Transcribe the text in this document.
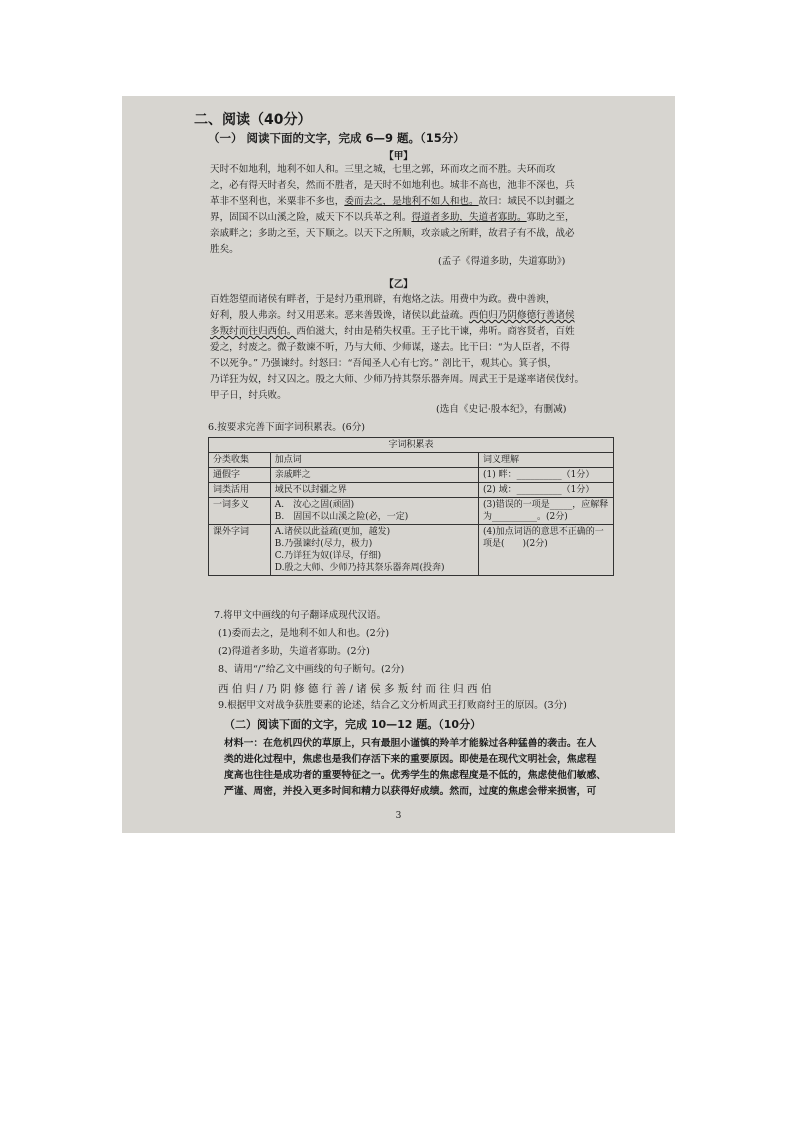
二、阅读（40分）
（一） 阅读下面的文字，完成 6—9 题。（15分）
【甲】
天时不如地利，地利不如人和。三里之城，七里之郭，环而攻之而不胜。夫环而攻
之，必有得天时者矣，然而不胜者，是天时不如地利也。城非不高也，池非不深也，兵
革非不坚利也，米粟非不多也，委而去之，是地利不如人和也。故曰：域民不以封疆之
界，固国不以山溪之险，威天下不以兵革之利。得道者多助，失道者寡助。寡助之至，
亲戚畔之；多助之至，天下顺之。以天下之所顺，攻亲戚之所畔，故君子有不战，战必
胜矣。
(孟子《得道多助，失道寡助》)
【乙】
百姓怨望而诸侯有畔者，于是纣乃重刑辟，有炮烙之法。用费中为政。费中善谀，
好利，殷人弗亲。纣又用恶来。恶来善毁谗，诸侯以此益疏。西伯归乃阴修德行善诸侯
多叛纣而往归西伯。西伯滋大，纣由是稍失权重。王子比干谏，弗听。商容贤者，百姓
爱之，纣废之。微子数谏不听，乃与大师、少师谋，遂去。比干曰：“为人臣者，不得
不以死争。” 乃强谏纣。纣怒曰：“吾闻圣人心有七窍。” 剖比干，观其心。箕子惧，
乃详狂为奴，纣又囚之。殷之大师、少师乃持其祭乐器奔周。周武王于是遂率诸侯伐纣。
甲子日，纣兵败。
(选自《史记·殷本纪》，有删减)
6.按要求完善下面字词积累表。(6分)
字词积累表		
分类收集	加点词	词义理解
通假字	亲戚畔之	(1) 畔：__________（1分）
词类活用	域民不以封疆之界	(2) 域：__________（1分）
一词多义	A.　汝心之固(顽固)
B.　固国不以山溪之险(必，一定)	(3)错误的一项是_____，应解释为__________。(2分)
课外字词	A.诸侯以此益疏(更加，越发)
B.乃强谏纣(尽力，极力)
C.乃详狂为奴(详尽，仔细)
D.殷之大师、少师乃持其祭乐器奔周(投奔)	(4)加点词语的意思不正确的一项是(　　)(2分)
7.将甲文中画线的句子翻译成现代汉语。
(1)委而去之，是地利不如人和也。(2分)
(2)得道者多助，失道者寡助。(2分)
8、请用“/”给乙文中画线的句子断句。(2分)
西 伯 归 / 乃 阴 修 德 行 善 / 诸 侯 多 叛 纣 而 往 归 西 伯
9.根据甲文对战争获胜要素的论述，结合乙文分析周武王打败商纣王的原因。(3分)
（二）阅读下面的文字，完成 10—12 题。（10分）
材料一：在危机四伏的草原上，只有最胆小谨慎的羚羊才能躲过各种猛兽的袭击。在人
类的进化过程中，焦虑也是我们存活下来的重要原因。即使是在现代文明社会，焦虑程
度高也往往是成功者的重要特征之一。优秀学生的焦虑程度是不低的，焦虑使他们敏感、
严谨、周密，并投入更多时间和精力以获得好成绩。然而，过度的焦虑会带来损害，可
3
